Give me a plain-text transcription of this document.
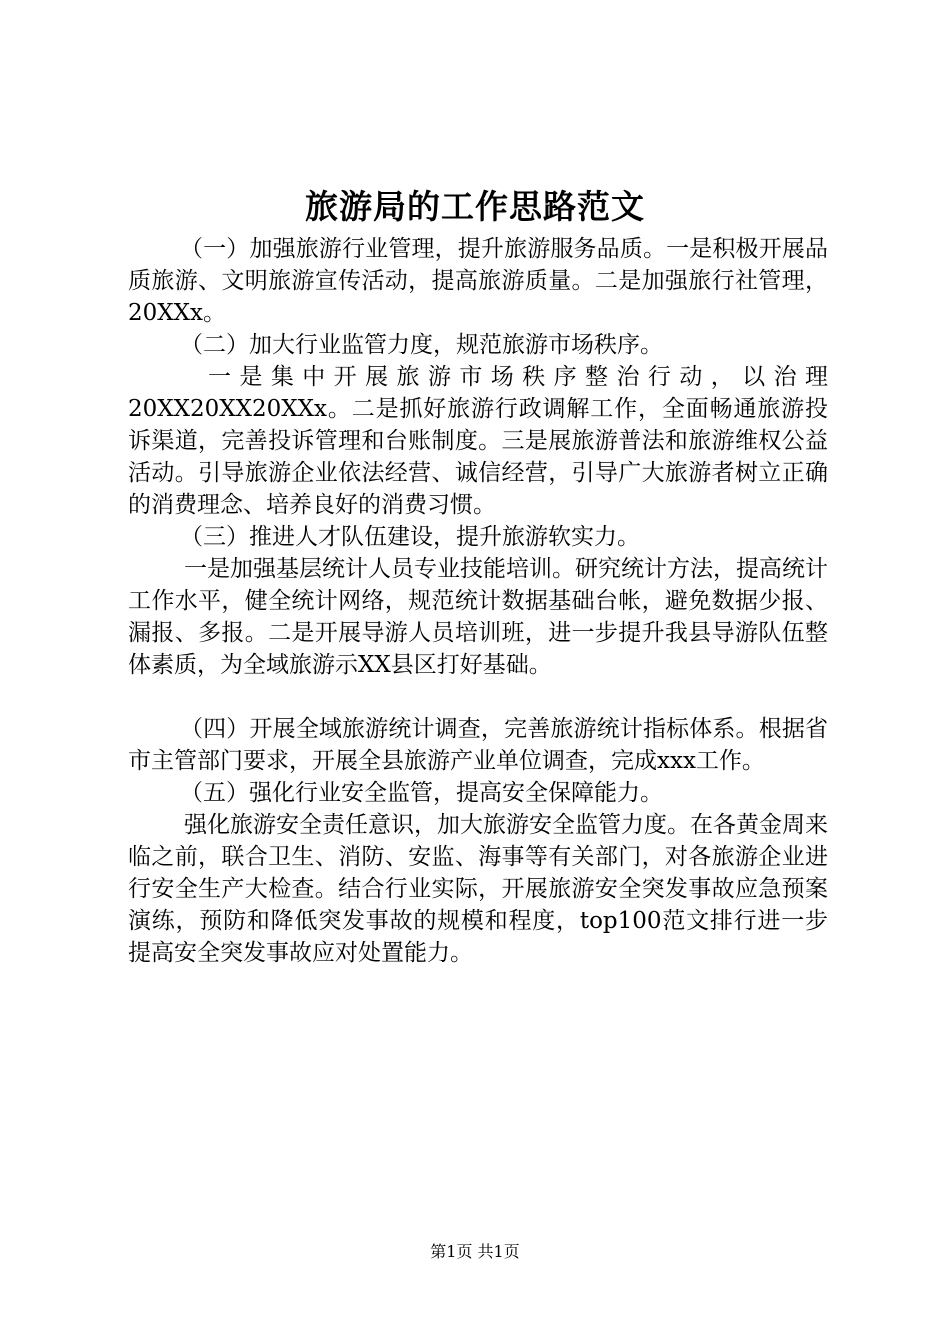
旅游局的工作思路范文

（一）加强旅游行业管理，提升旅游服务品质。一是积极开展品质旅游、文明旅游宣传活动，提高旅游质量。二是加强旅行社管理，20XXx。

（二）加大行业监管力度，规范旅游市场秩序。

一是集中开展旅游市场秩序整治行动，以治理20XX20XX20XXx。二是抓好旅游行政调解工作，全面畅通旅游投诉渠道，完善投诉管理和台账制度。三是展旅游普法和旅游维权公益活动。引导旅游企业依法经营、诚信经营，引导广大旅游者树立正确的消费理念、培养良好的消费习惯。

（三）推进人才队伍建设，提升旅游软实力。

一是加强基层统计人员专业技能培训。研究统计方法，提高统计工作水平，健全统计网络，规范统计数据基础台帐，避免数据少报、漏报、多报。二是开展导游人员培训班，进一步提升我县导游队伍整体素质，为全域旅游示XX县区打好基础。

（四）开展全域旅游统计调查，完善旅游统计指标体系。根据省市主管部门要求，开展全县旅游产业单位调查，完成xxx工作。

（五）强化行业安全监管，提高安全保障能力。

强化旅游安全责任意识，加大旅游安全监管力度。在各黄金周来临之前，联合卫生、消防、安监、海事等有关部门，对各旅游企业进行安全生产大检查。结合行业实际，开展旅游安全突发事故应急预案演练，预防和降低突发事故的规模和程度，top100范文排行进一步提高安全突发事故应对处置能力。

第1页 共1页
